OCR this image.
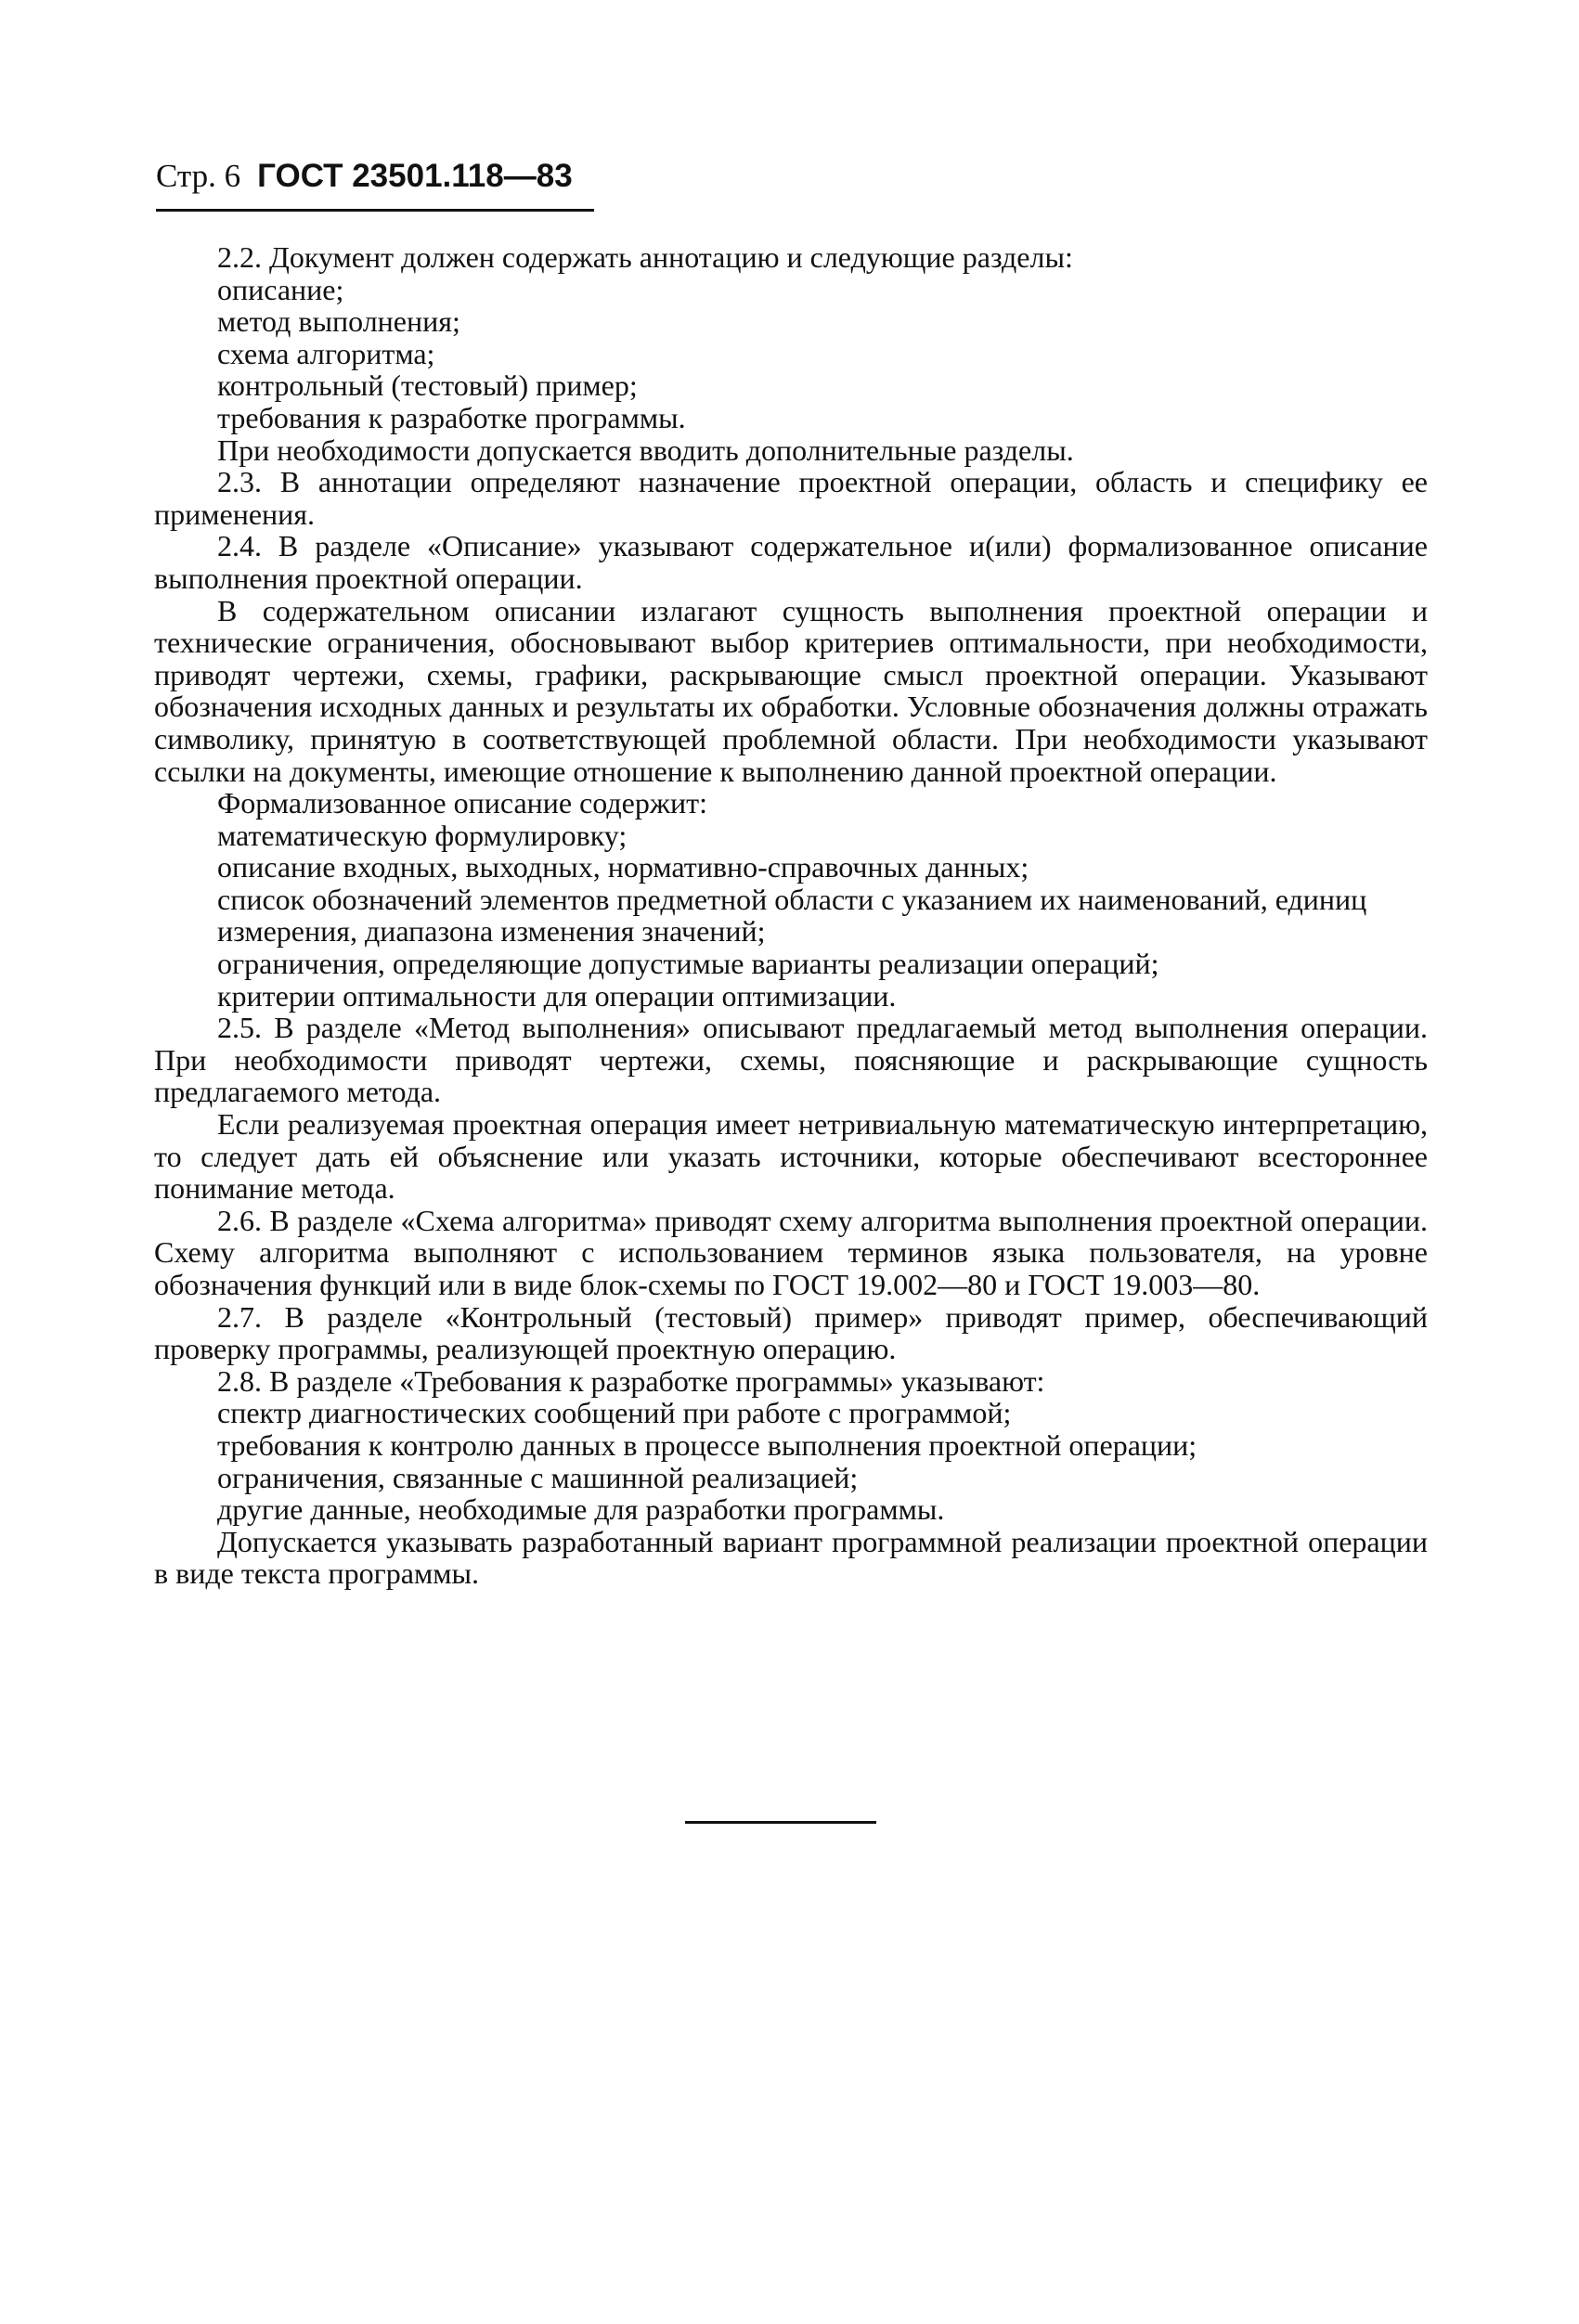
Стр. 6 ГОСТ 23501.118—83

2.2. Документ должен содержать аннотацию и следующие разделы:

описание;

метод выполнения;

схема алгоритма;

контрольный (тестовый) пример;

требования к разработке программы.

При необходимости допускается вводить дополнительные разделы.

2.3. В аннотации определяют назначение проектной операции, область и специфику ее применения.

2.4. В разделе «Описание» указывают содержательное и(или) формализованное описание выполнения проектной операции.

В содержательном описании излагают сущность выполнения проектной операции и технические ограничения, обосновывают выбор критериев оптимальности, при необходимости, приводят чертежи, схемы, графики, раскрывающие смысл проектной операции. Указывают обозначения исходных данных и результаты их обработки. Условные обозначения должны отражать символику, принятую в соответствующей проблемной области. При необходимости указывают ссылки на документы, имеющие отношение к выполнению данной проектной операции.

Формализованное описание содержит:

математическую формулировку;

описание входных, выходных, нормативно-справочных данных;

список обозначений элементов предметной области с указанием их наименований, единиц измерения, диапазона изменения значений;

ограничения, определяющие допустимые варианты реализации операций;

критерии оптимальности для операции оптимизации.

2.5. В разделе «Метод выполнения» описывают предлагаемый метод выполнения операции. При необходимости приводят чертежи, схемы, поясняющие и раскрывающие сущность предлагаемого метода.

Если реализуемая проектная операция имеет нетривиальную математическую интерпретацию, то следует дать ей объяснение или указать источники, которые обеспечивают всестороннее понимание метода.

2.6. В разделе «Схема алгоритма» приводят схему алгоритма выполнения проектной операции. Схему алгоритма выполняют с использованием терминов языка пользователя, на уровне обозначения функций или в виде блок-схемы по ГОСТ 19.002—80 и ГОСТ 19.003—80.

2.7. В разделе «Контрольный (тестовый) пример» приводят пример, обеспечивающий проверку программы, реализующей проектную операцию.

2.8. В разделе «Требования к разработке программы» указывают:

спектр диагностических сообщений при работе с программой;

требования к контролю данных в процессе выполнения проектной операции;

ограничения, связанные с машинной реализацией;

другие данные, необходимые для разработки программы.

Допускается указывать разработанный вариант программной реализации проектной операции в виде текста программы.
